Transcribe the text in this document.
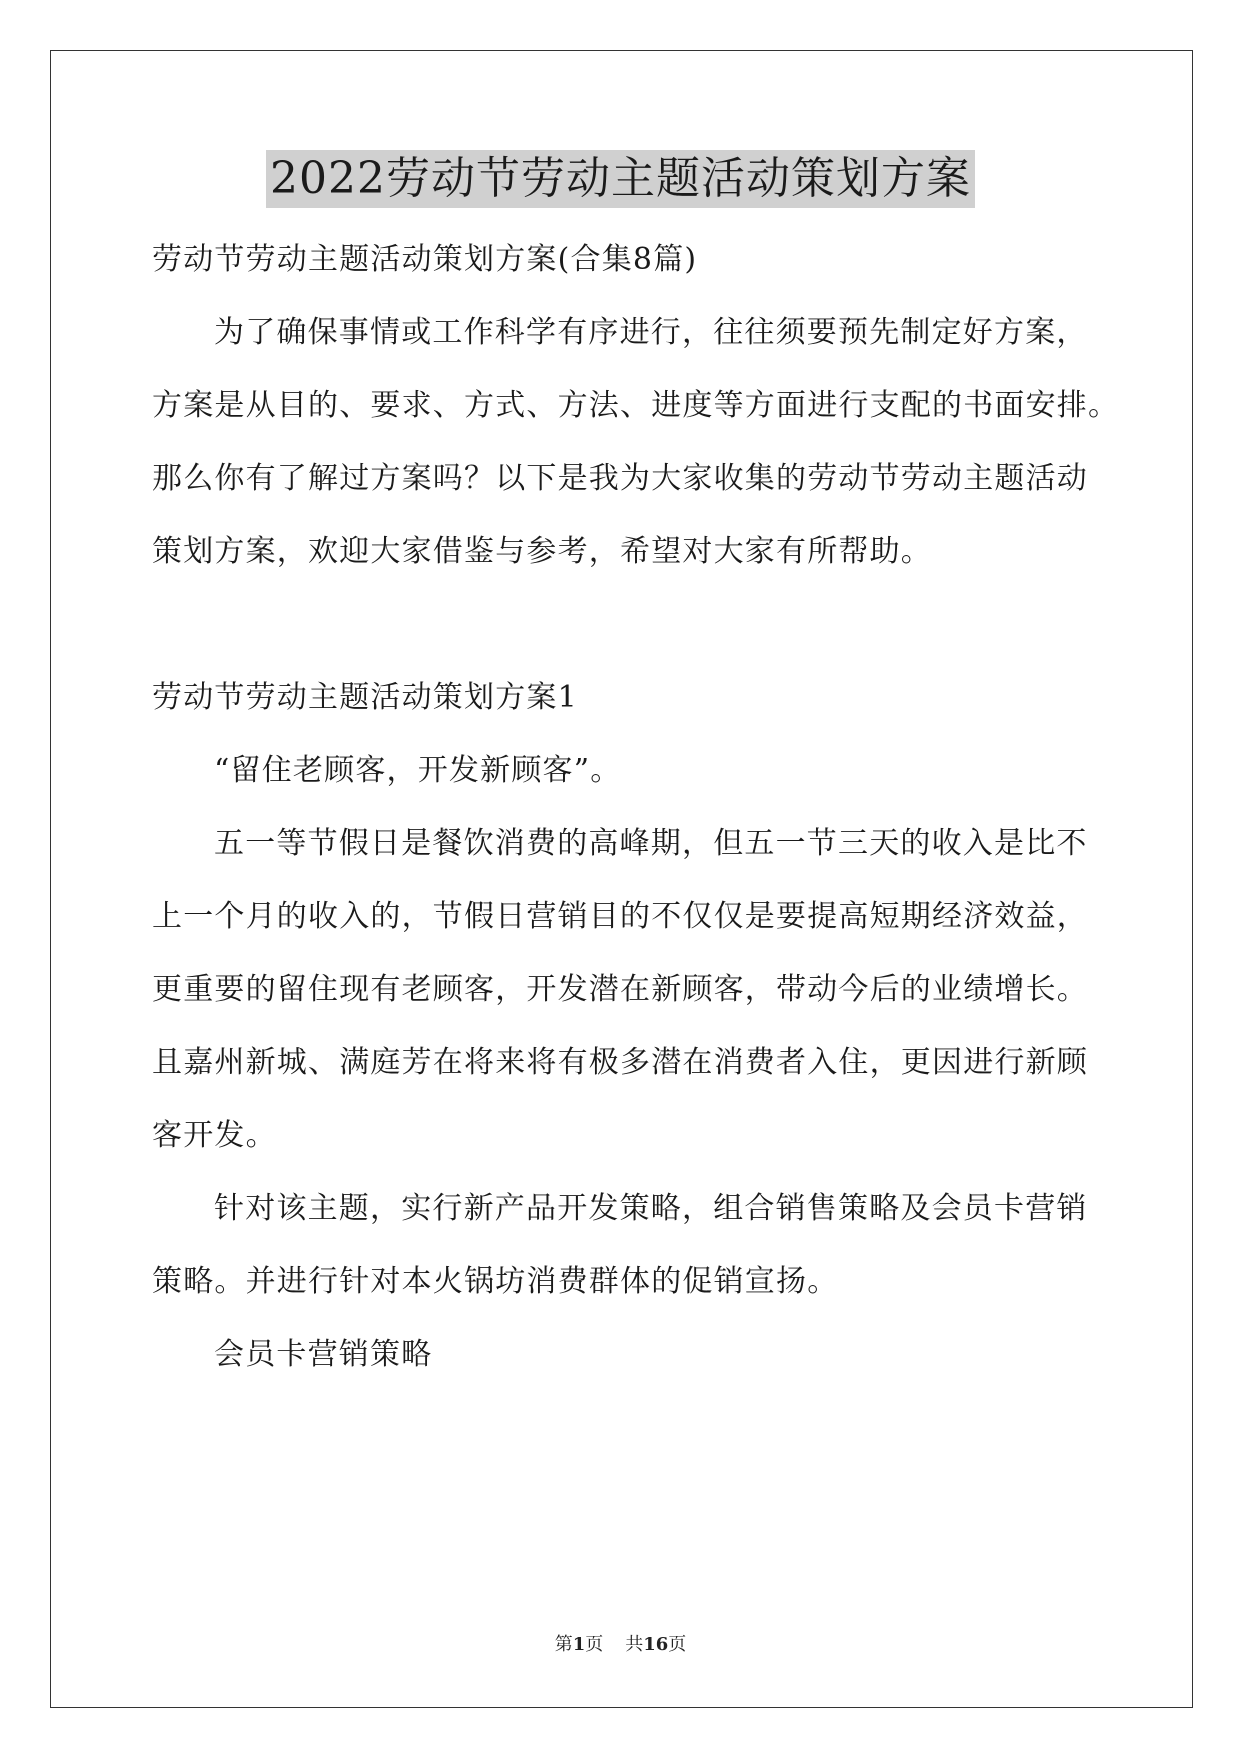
2022劳动节劳动主题活动策划方案
劳动节劳动主题活动策划方案(合集8篇)
为了确保事情或工作科学有序进行，往往须要预先制定好方案，
方案是从目的、要求、方式、方法、进度等方面进行支配的书面安排。
那么你有了解过方案吗？以下是我为大家收集的劳动节劳动主题活动
策划方案，欢迎大家借鉴与参考，希望对大家有所帮助。
劳动节劳动主题活动策划方案1
“留住老顾客，开发新顾客”。
五一等节假日是餐饮消费的高峰期，但五一节三天的收入是比不
上一个月的收入的，节假日营销目的不仅仅是要提高短期经济效益，
更重要的留住现有老顾客，开发潜在新顾客，带动今后的业绩增长。
且嘉州新城、满庭芳在将来将有极多潜在消费者入住，更因进行新顾
客开发。
针对该主题，实行新产品开发策略，组合销售策略及会员卡营销
策略。并进行针对本火锅坊消费群体的促销宣扬。
会员卡营销策略
第1页 共16页
